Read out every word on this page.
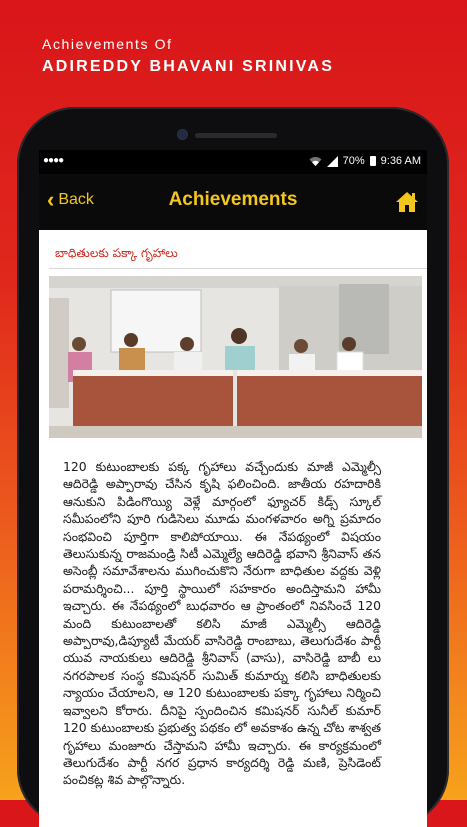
Achievements Of
ADIREDDY BHAVANI SRINIVAS
●●●●	70% 9:36 AM
‹ Back	Achievements
బాధితులకు పక్కా గృహాలు
120 కుటుంబాలకు పక్క గృహాలు వచ్చేందుకు మాజీ ఎమ్మెల్సీ ఆదిరెడ్డి అప్పారావు చేసిన కృషి ఫలించింది. జాతీయ రహదారికి ఆనుకుని పిడింగొయ్యి వెళ్లే మార్గంలో ఫ్యూచర్ కిడ్స్ స్కూల్ సమీపంలోని పూరి గుడిసెలు మూడు మంగళవారం అగ్ని ప్రమాదం సంభవించి పూర్తిగా కాలిపోయాయి. ఈ నేపథ్యంలో విషయం తెలుసుకున్న రాజమండ్రి సిటీ ఎమ్మెల్యే ఆదిరెడ్డి భవాని శ్రీనివాస్ తన అసెంబ్లీ సమావేశాలను ముగించుకొని నేరుగా బాధితుల వద్దకు వెళ్లి పరామర్శించి... పూర్తి స్థాయిలో సహకారం అందిస్తామని హామీ ఇచ్చారు. ఈ నేపథ్యంలో బుధవారం ఆ ప్రాంతంలో నివసించే 120 మంది కుటుంబాలతో కలిసి మాజీ ఎమ్మెల్సీ ఆదిరెడ్డి అప్పారావు,డిప్యూటీ మేయర్ వాసిరెడ్డి రాంబాబు, తెలుగుదేశం పార్టీ యువ నాయకులు ఆదిరెడ్డి శ్రీనివాస్ (వాసు), వాసిరెడ్డి బాబీ లు నగరపాలక సంస్థ కమిషనర్ సుమిత్ కుమార్ను కలిసి బాధితులకు న్యాయం చేయాలని, ఆ 120 కుటుంబాలకు పక్కా గృహాలు నిర్మించి ఇవ్వాలని కోరారు. దీనిపై స్పందించిన కమిషనర్ సునీల్ కుమార్ 120 కుటుంబాలకు ప్రభుత్వ పథకం లో అవకాశం ఉన్న చోట శాశ్వత గృహాలు మంజూరు చేస్తామని హామీ ఇచ్చారు. ఈ కార్యక్రమంలో తెలుగుదేశం పార్టీ నగర ప్రధాన కార్యదర్శి రెడ్డి మణి, ప్రెసిడెంట్ పంచికట్ల శివ పాల్గొన్నారు.
